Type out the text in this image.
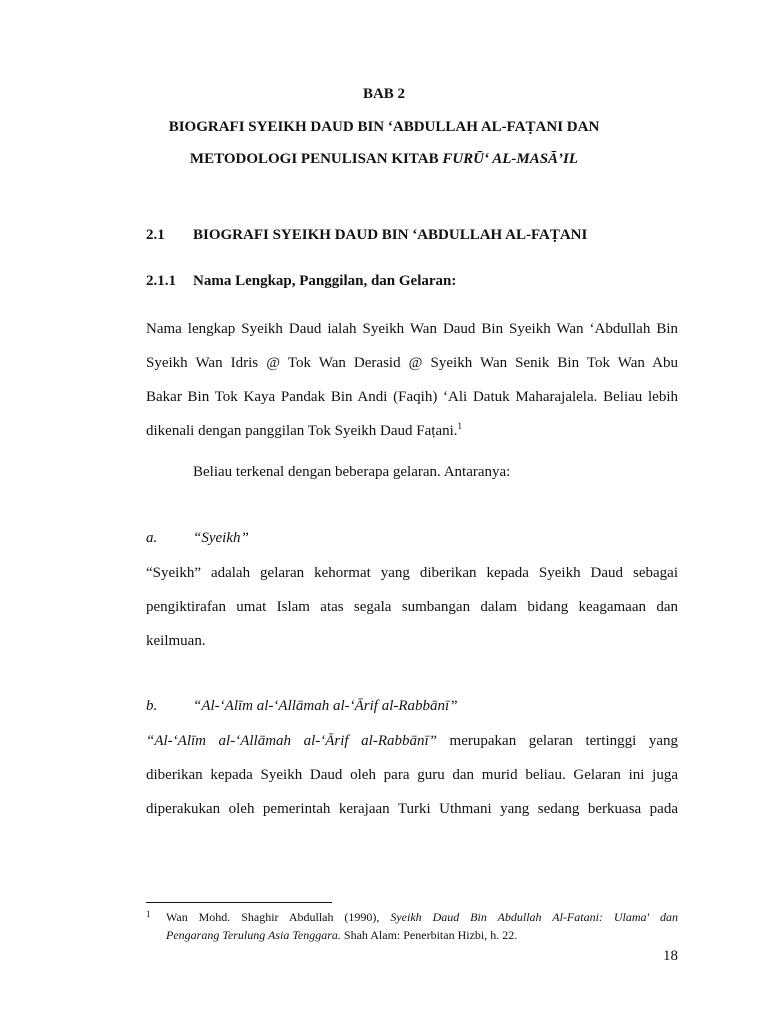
BAB 2
BIOGRAFI SYEIKH DAUD BIN ‘ABDULLAH AL-FAṬANI DAN
METODOLOGI PENULISAN KITAB FURŪ‘ AL-MASĀ’IL
2.1 BIOGRAFI SYEIKH DAUD BIN ‘ABDULLAH AL-FAṬANI
2.1.1 Nama Lengkap, Panggilan, dan Gelaran:
Nama lengkap Syeikh Daud ialah Syeikh Wan Daud Bin Syeikh Wan ‘Abdullah Bin
Syeikh Wan Idris @ Tok Wan Derasid @ Syeikh Wan Senik Bin Tok Wan Abu
Bakar Bin Tok Kaya Pandak Bin Andi (Faqih) ‘Ali Datuk Maharajalela. Beliau lebih
dikenali dengan panggilan Tok Syeikh Daud Faṭani.$^1$
Beliau terkenal dengan beberapa gelaran. Antaranya:
a. “Syeikh”
“Syeikh” adalah gelaran kehormat yang diberikan kepada Syeikh Daud sebagai
pengiktirafan umat Islam atas segala sumbangan dalam bidang keagamaan dan
keilmuan.
b. “Al-‘Alīm al-‘Allāmah al-‘Ārif al-Rabbānī”
“Al-‘Alīm al-‘Allāmah al-‘Ārif al-Rabbānī” merupakan gelaran tertinggi yang
diberikan kepada Syeikh Daud oleh para guru dan murid beliau. Gelaran ini juga
diperakukan oleh pemerintah kerajaan Turki Uthmani yang sedang berkuasa pada
1 Wan Mohd. Shaghir Abdullah (1990), Syeikh Daud Bin Abdullah Al-Fatani: Ulama' dan
Pengarang Terulung Asia Tenggara. Shah Alam: Penerbitan Hizbi, h. 22.
18
